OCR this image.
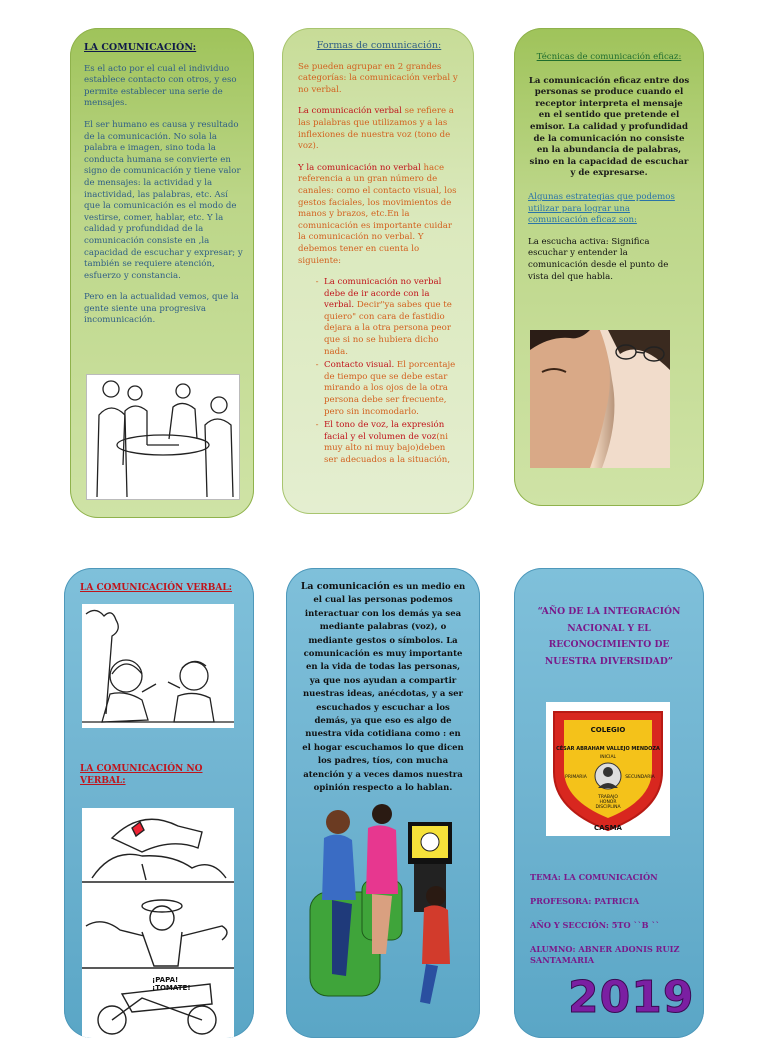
LA COMUNICACIÓN:

Es el acto por el cual el individuo establece contacto con otros, y eso permite establecer una serie de mensajes.

El ser humano es causa y resultado de la comunicación. No sola la palabra e imagen, sino toda la conducta humana se convierte en signo de comunicación y tiene valor de mensajes: la actividad y la inactividad, las palabras, etc. Así que la comunicación es el modo de vestirse, comer, hablar, etc. Y la calidad y profundidad de la comunicación consiste en ,la capacidad de escuchar y expresar; y también se requiere atención, esfuerzo y constancia.

Pero en la actualidad vemos, que la gente siente una progresiva incomunicación.

Formas de comunicación:

Se pueden agrupar en 2 grandes categorías: la comunicación verbal y no verbal.

La comunicación verbal se refiere a las palabras que utilizamos y a las inflexiones de nuestra voz (tono de voz).

Y la comunicación no verbal hace referencia a un gran número de canales: como el contacto visual, los gestos faciales, los movimientos de manos y brazos, etc.En la comunicación es importante cuidar la comunicación no verbal. Y debemos tener en cuenta lo siguiente:

- La comunicación no verbal debe de ir acorde con la verbal. Decir"ya sabes que te quiero" con cara de fastidio dejara a la otra persona peor que si no se hubiera dicho nada.
- Contacto visual. El porcentaje de tiempo que se debe estar mirando a los ojos de la otra persona debe ser frecuente, pero sin incomodarlo.
- El tono de voz, la expresión facial y el volumen de voz(ni muy alto ni muy bajo)deben ser adecuados a la situación,
Técnicas de comunicación eficaz:

La comunicación eficaz entre dos personas se produce cuando el receptor interpreta el mensaje en el sentido que pretende el emisor. La calidad y profundidad de la comunicación no consiste en la abundancia de palabras, sino en la capacidad de escuchar y de expresarse.

Algunas estrategias que podemos utilizar para lograr una comunicación eficaz son:

La escucha activa: Significa escuchar y entender la comunicación desde el punto de vista del que habla.

LA COMUNICACIÓN VERBAL:
LA COMUNICACIÓN NO VERBAL:
¡PAPA! ¡TOMATE!
La comunicación es un medio en el cual las personas podemos interactuar con los demás ya sea mediante palabras (voz), o mediante gestos o símbolos. La comunicación es muy importante en la vida de todas las personas, ya que nos ayudan a compartir nuestras ideas, anécdotas, y a ser escuchados y escuchar a los demás, ya que eso es algo de nuestra vida cotidiana como : en el hogar escuchamos lo que dicen los padres, tíos, con mucha atención y a veces damos nuestra opinión respecto a lo hablan.
“AÑO DE LA INTEGRACIÓN NACIONAL Y EL RECONOCIMIENTO DE NUESTRA DIVERSIDAD”
COLEGIO
CÉSAR ABRAHAM VALLEJO MENDOZA
INICIAL
PRIMARIA	SECUNDARIA
TRABAJO
HONOR
DISCIPLINA
CASMA
TEMA: LA COMUNICACIÓN
PROFESORA: PATRICIA
AÑO Y SECCIÓN: 5TO ``B ``
ALUMNO: ABNER ADONIS RUIZ SANTAMARIA
2019
